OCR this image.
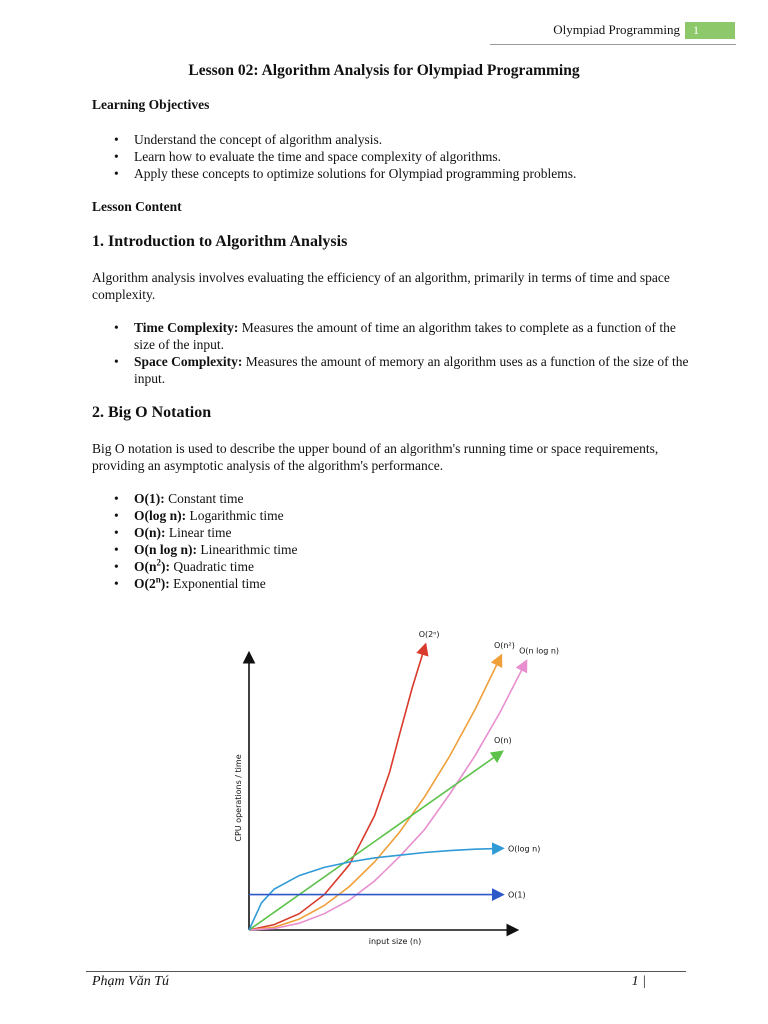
Olympiad Programming	1
Lesson 02: Algorithm Analysis for Olympiad Programming
Learning Objectives
• Understand the concept of algorithm analysis.
• Learn how to evaluate the time and space complexity of algorithms.
• Apply these concepts to optimize solutions for Olympiad programming problems.
Lesson Content
1. Introduction to Algorithm Analysis
Algorithm analysis involves evaluating the efficiency of an algorithm, primarily in terms of time and space complexity.
• Time Complexity: Measures the amount of time an algorithm takes to complete as a function of the size of the input.
• Space Complexity: Measures the amount of memory an algorithm uses as a function of the size of the input.
2. Big O Notation
Big O notation is used to describe the upper bound of an algorithm's running time or space requirements, providing an asymptotic analysis of the algorithm's performance.
• O(1): Constant time
• O(log n): Logarithmic time
• O(n): Linear time
• O(n log n): Linearithmic time
• $O(n^2)$: Quadratic time
• O(2$^n$): Exponential time
input size (n)
CPU operations / time
O(2ⁿ)
O(n²)
O(n log n)
O(n)
O(log n)
O(1)
Phạm Văn Tú	1 |
